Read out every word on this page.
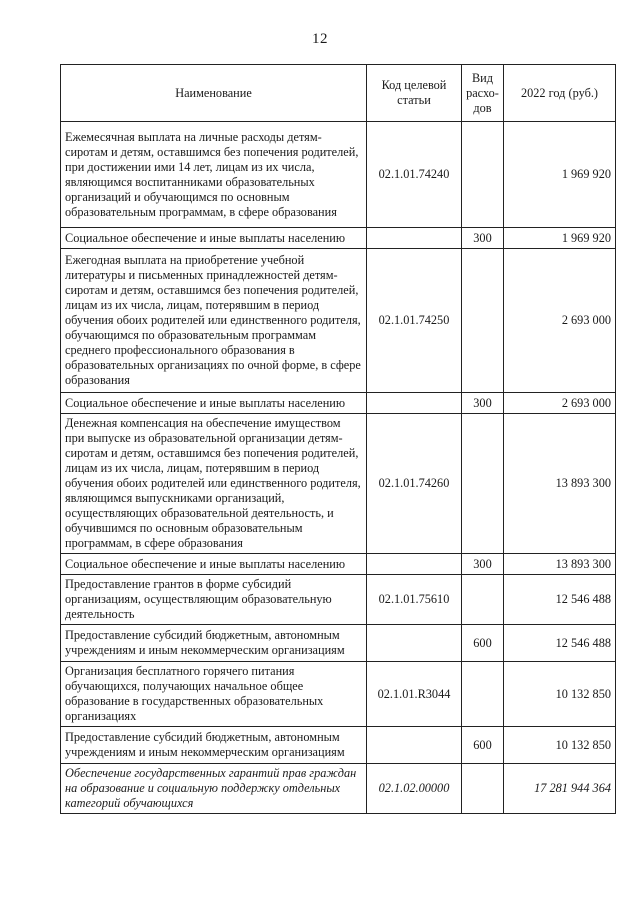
12
Наименование	Код целевой статьи	Вид расхо-дов	2022 год (руб.)
Ежемесячная выплата на личные расходы детям-сиротам и детям, оставшимся без попечения родителей, при достижении ими 14 лет, лицам из их числа, являющимся воспитанниками образовательных организаций и обучающимся по основным образовательным программам, в сфере образования	02.1.01.74240		1 969 920
Социальное обеспечение и иные выплаты населению		300	1 969 920
Ежегодная выплата на приобретение учебной литературы и письменных принадлежностей детям-сиротам и детям, оставшимся без попечения родителей, лицам из их числа, лицам, потерявшим в период обучения обоих родителей или единственного родителя, обучающимся по образовательным программам среднего профессионального образования в образовательных организациях по очной форме, в сфере образования	02.1.01.74250		2 693 000
Социальное обеспечение и иные выплаты населению		300	2 693 000
Денежная компенсация на обеспечение имуществом при выпуске из образовательной организации детям-сиротам и детям, оставшимся без попечения родителей, лицам из их числа, лицам, потерявшим в период обучения обоих родителей или единственного родителя, являющимся выпускниками организаций, осуществляющих образовательной деятельность, и обучившимся по основным образовательным программам, в сфере образования	02.1.01.74260		13 893 300
Социальное обеспечение и иные выплаты населению		300	13 893 300
Предоставление грантов в форме субсидий организациям, осуществляющим образовательную деятельность	02.1.01.75610		12 546 488
Предоставление субсидий бюджетным, автономным учреждениям и иным некоммерческим организациям		600	12 546 488
Организация бесплатного горячего питания обучающихся, получающих начальное общее образование в государственных образовательных организациях	02.1.01.R3044		10 132 850
Предоставление субсидий бюджетным, автономным учреждениям и иным некоммерческим организациям		600	10 132 850
Обеспечение государственных гарантий прав граждан на образование и социальную поддержку отдельных категорий обучающихся	02.1.02.00000		17 281 944 364
